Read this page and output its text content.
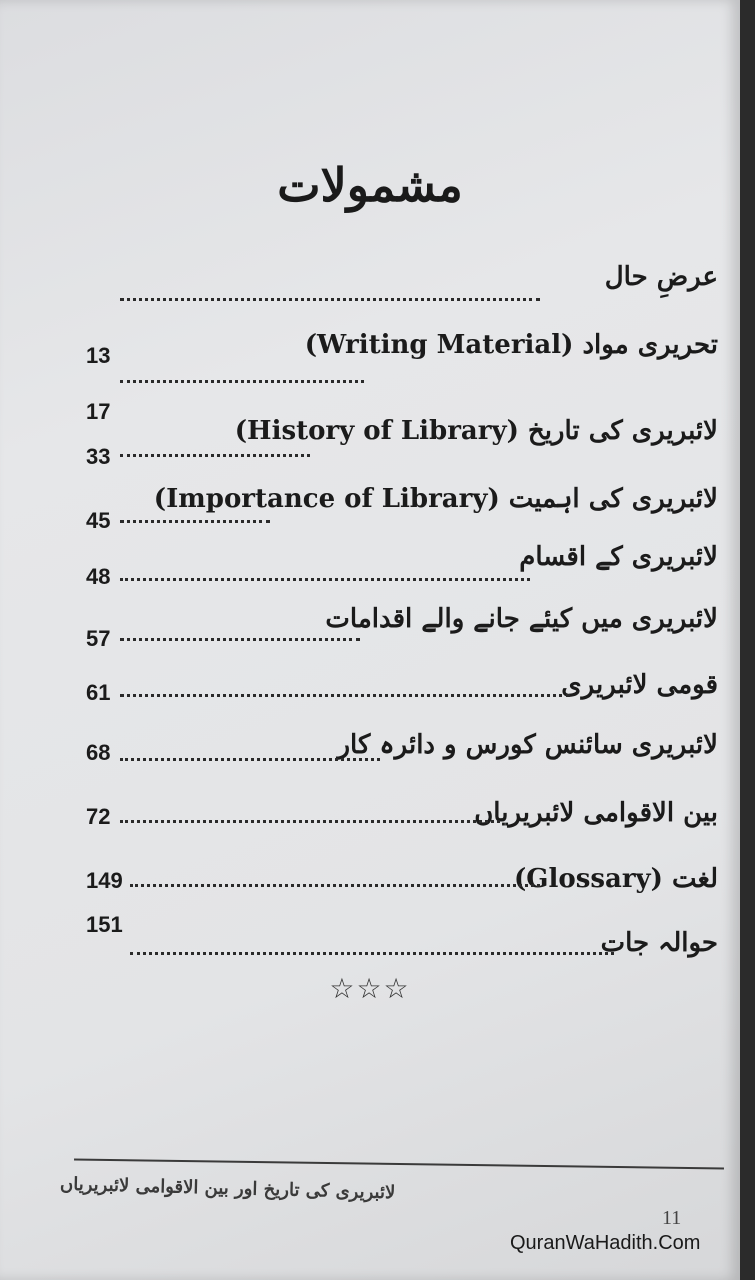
مشمولات
عرضِ حال
13	تحریری مواد (Writing Material)
17
لائبریری کی تاریخ (History of Library)
33
لائبریری کی اہمیت (Importance of Library)
45
لائبریری کے اقسام
48
لائبریری میں کیئے جانے والے اقدامات
57
قومی لائبریری
61
لائبریری سائنس کورس و دائرہ کار
68
بین الاقوامی لائبریریاں
72
لغت (Glossary)
149
حوالہ جات
151
☆☆☆
لائبریری کی تاریخ اور بین الاقوامی لائبریریاں
11
QuranWaHadith.Com
